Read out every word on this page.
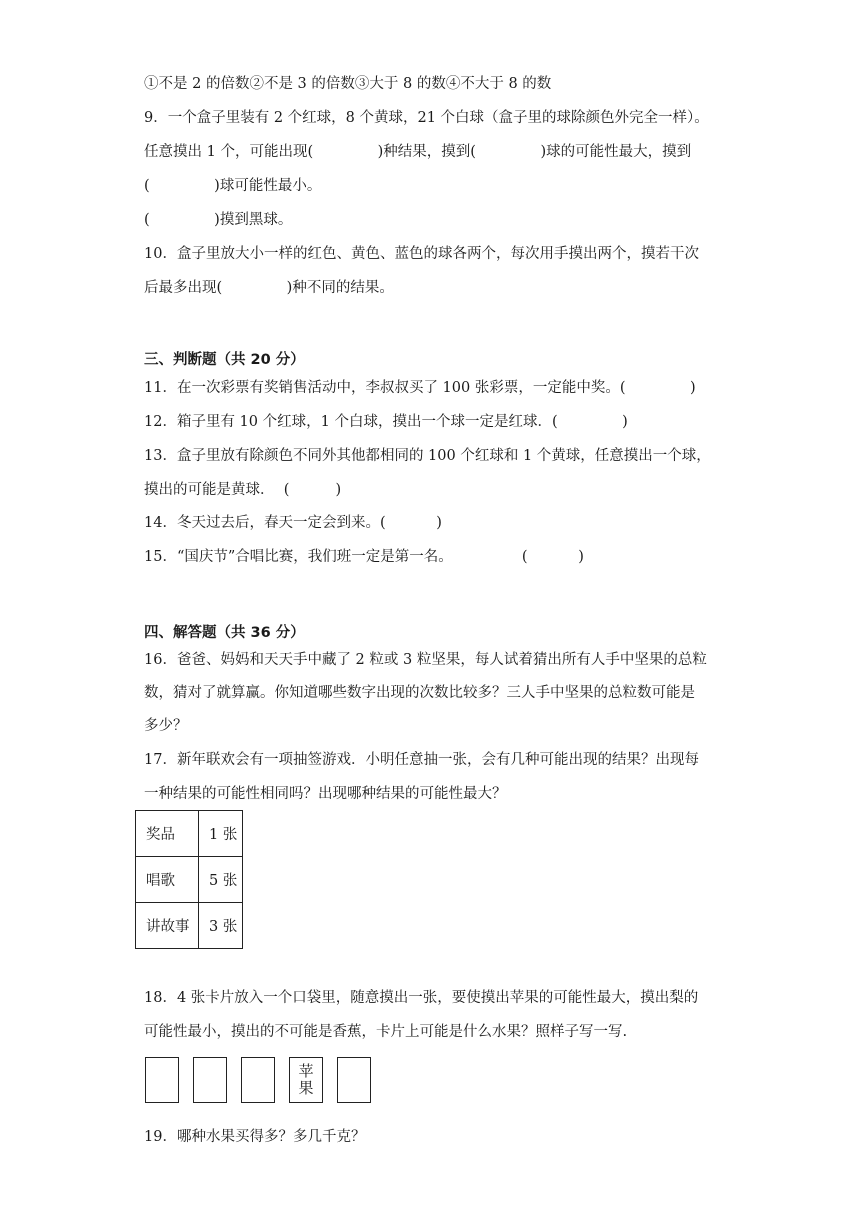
①不是 2 的倍数②不是 3 的倍数③大于 8 的数④不大于 8 的数
9．一个盒子里装有 2 个红球，8 个黄球，21 个白球（盒子里的球除颜色外完全一样）。
任意摸出 1 个，可能出现(              )种结果，摸到(              )球的可能性最大，摸到
(              )球可能性最小。
(              )摸到黑球。
10．盒子里放大小一样的红色、黄色、蓝色的球各两个，每次用手摸出两个，摸若干次
后最多出现(              )种不同的结果。
三、判断题（共 20 分）
11．在一次彩票有奖销售活动中，李叔叔买了 100 张彩票，一定能中奖。(              )
12．箱子里有 10 个红球，1 个白球，摸出一个球一定是红球．(              )
13．盒子里放有除颜色不同外其他都相同的 100 个红球和 1 个黄球，任意摸出一个球，
摸出的可能是黄球．  (          )
14．冬天过去后，春天一定会到来。(           )
15．“国庆节”合唱比赛，我们班一定是第一名。               (           )
四、解答题（共 36 分）
16．爸爸、妈妈和天天手中藏了 2 粒或 3 粒坚果，每人试着猜出所有人手中坚果的总粒
数，猜对了就算赢。你知道哪些数字出现的次数比较多？三人手中坚果的总粒数可能是
多少？
17．新年联欢会有一项抽签游戏．小明任意抽一张，会有几种可能出现的结果？出现每
一种结果的可能性相同吗？出现哪种结果的可能性最大？
奖品	1 张
唱歌	5 张
讲故事	3 张
18．4 张卡片放入一个口袋里，随意摸出一张，要使摸出苹果的可能性最大，摸出梨的
可能性最小，摸出的不可能是香蕉，卡片上可能是什么水果？照样子写一写.
苹果
19．哪种水果买得多？多几千克？
